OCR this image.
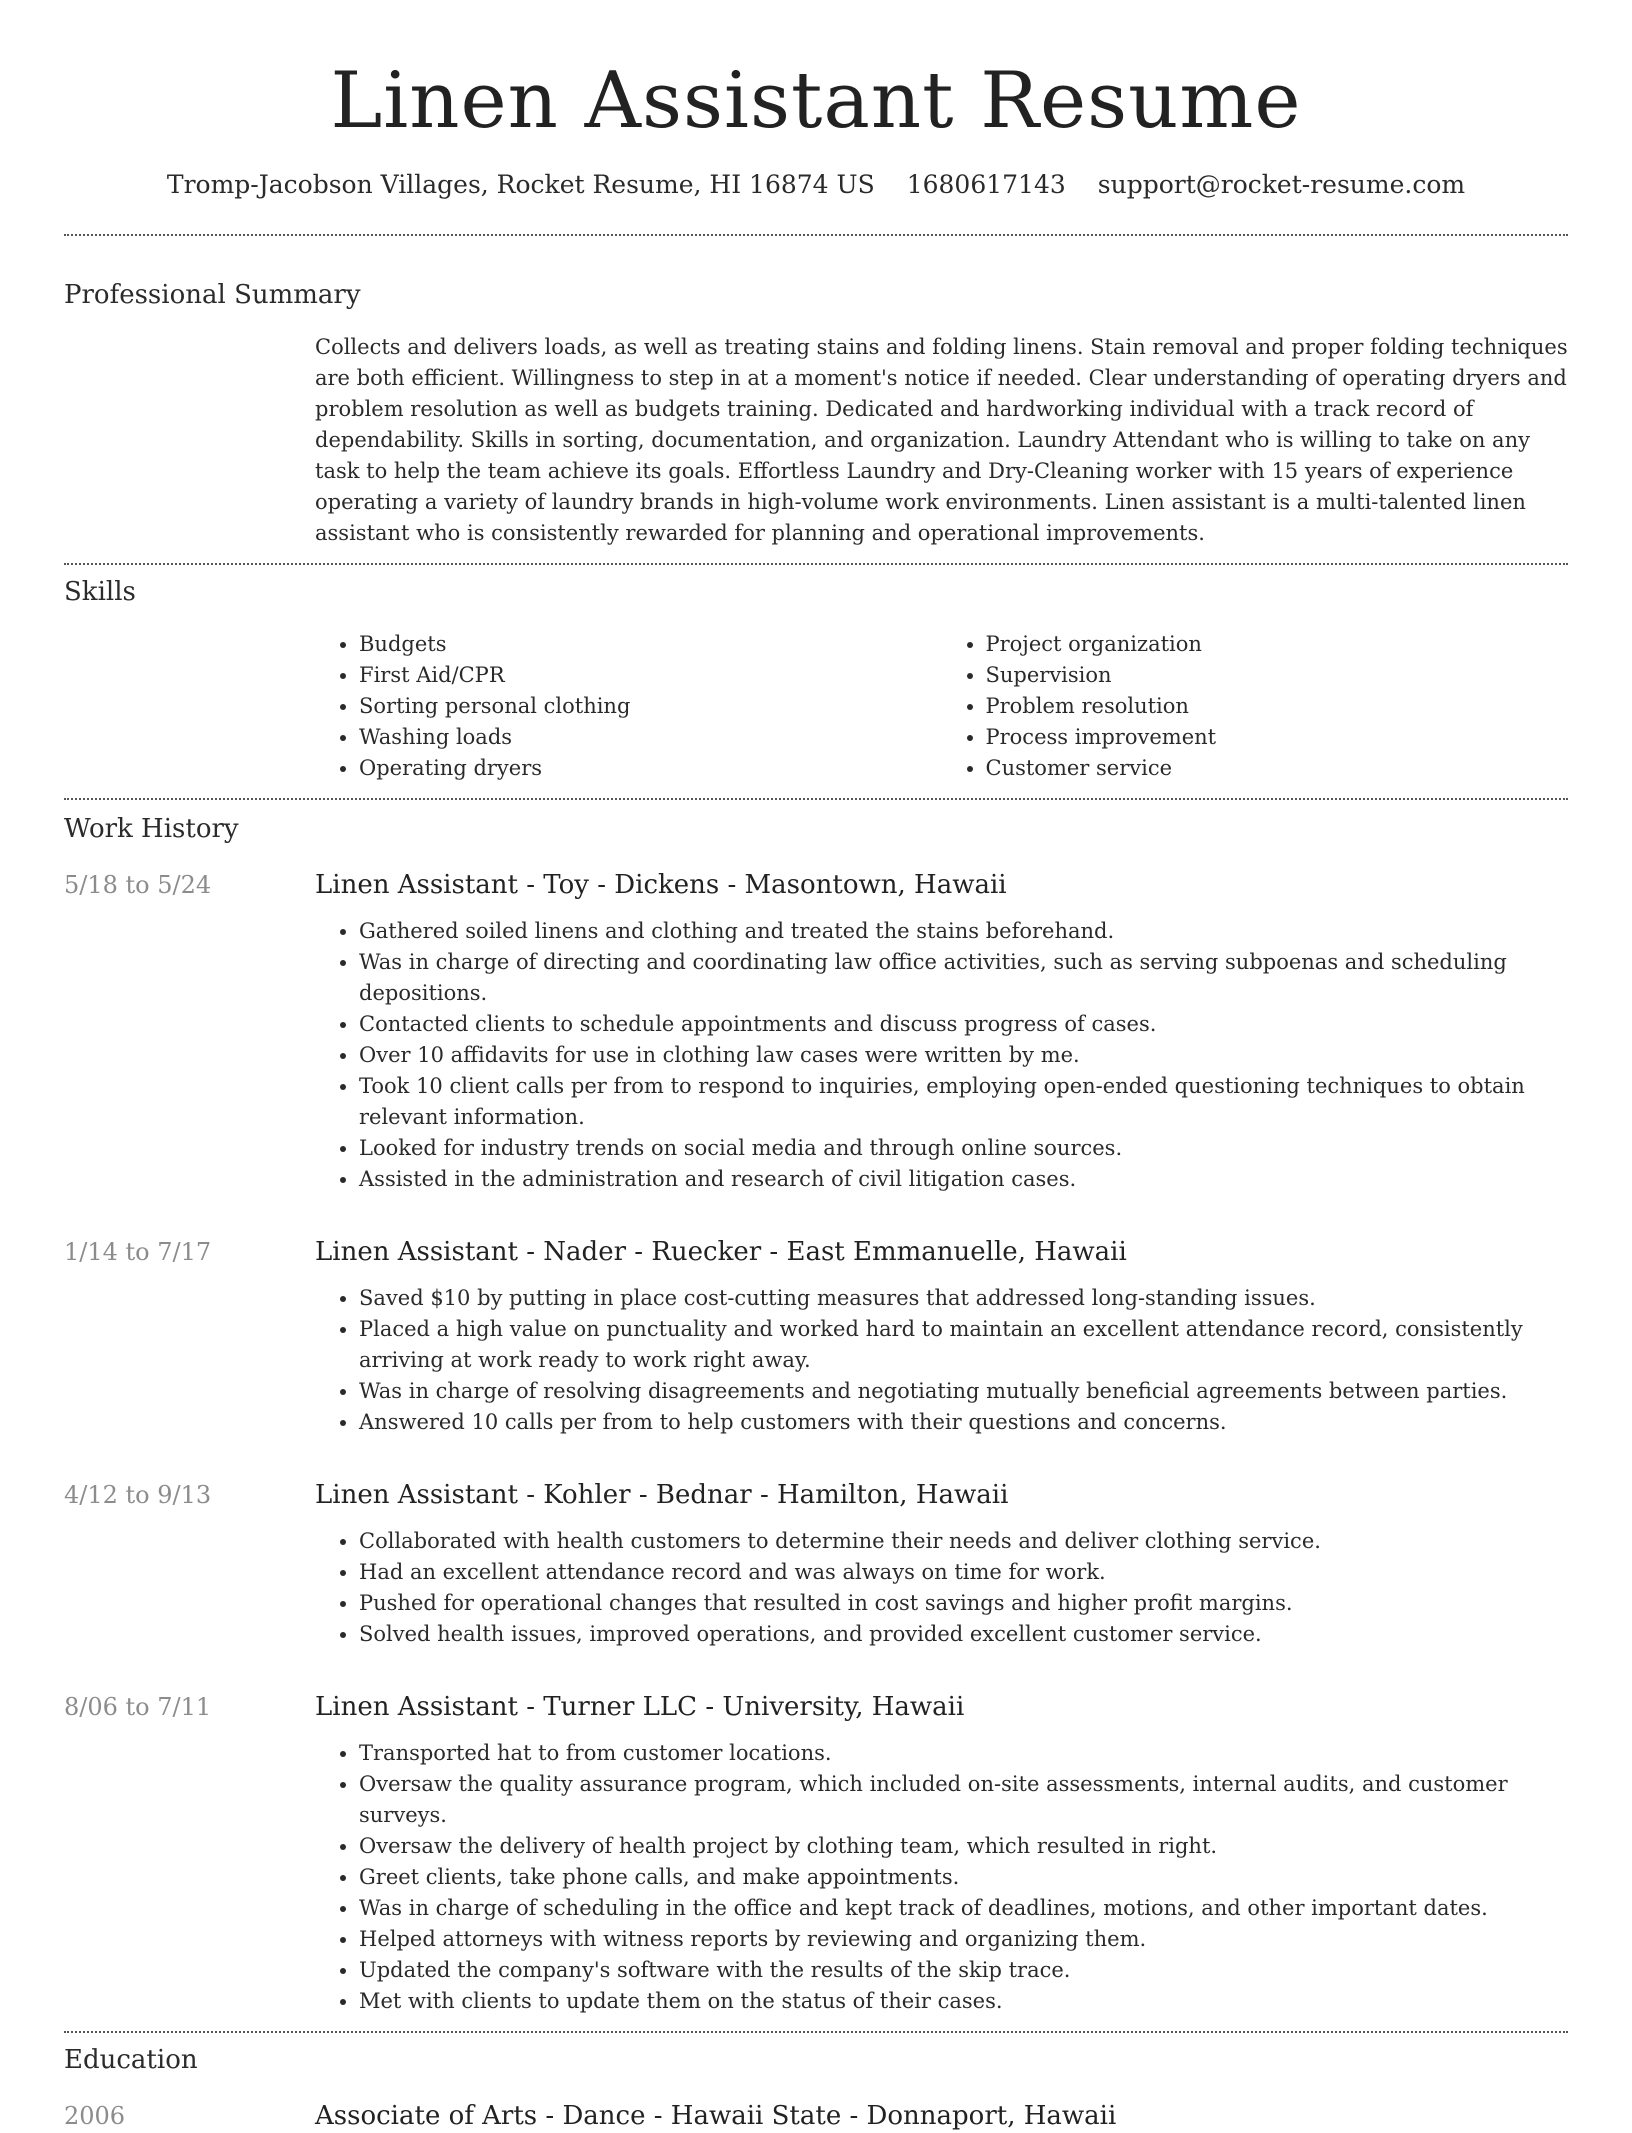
Linen Assistant Resume
Tromp-Jacobson Villages, Rocket Resume, HI 16874 US 1680617143 support@rocket-resume.com
Professional Summary

Collects and delivers loads, as well as treating stains and folding linens. Stain removal and proper folding techniques are both efficient. Willingness to step in at a moment's notice if needed. Clear understanding of operating dryers and problem resolution as well as budgets training. Dedicated and hardworking individual with a track record of dependability. Skills in sorting, documentation, and organization. Laundry Attendant who is willing to take on any task to help the team achieve its goals. Effortless Laundry and Dry-Cleaning worker with 15 years of experience operating a variety of laundry brands in high-volume work environments. Linen assistant is a multi-talented linen assistant who is consistently rewarded for planning and operational improvements.

Skills
• Budgets
• First Aid/CPR
• Sorting personal clothing
• Washing loads
• Operating dryers
• Project organization
• Supervision
• Problem resolution
• Process improvement
• Customer service
Work History
5/18 to 5/24	Linen Assistant - Toy - Dickens - Masontown, Hawaii
• Gathered soiled linens and clothing and treated the stains beforehand.
• Was in charge of directing and coordinating law office activities, such as serving subpoenas and scheduling depositions.
• Contacted clients to schedule appointments and discuss progress of cases.
• Over 10 affidavits for use in clothing law cases were written by me.
• Took 10 client calls per from to respond to inquiries, employing open-ended questioning techniques to obtain relevant information.
• Looked for industry trends on social media and through online sources.
• Assisted in the administration and research of civil litigation cases.
1/14 to 7/17	Linen Assistant - Nader - Ruecker - East Emmanuelle, Hawaii
• Saved $10 by putting in place cost-cutting measures that addressed long-standing issues.
• Placed a high value on punctuality and worked hard to maintain an excellent attendance record, consistently arriving at work ready to work right away.
• Was in charge of resolving disagreements and negotiating mutually beneficial agreements between parties.
• Answered 10 calls per from to help customers with their questions and concerns.
4/12 to 9/13	Linen Assistant - Kohler - Bednar - Hamilton, Hawaii
• Collaborated with health customers to determine their needs and deliver clothing service.
• Had an excellent attendance record and was always on time for work.
• Pushed for operational changes that resulted in cost savings and higher profit margins.
• Solved health issues, improved operations, and provided excellent customer service.
8/06 to 7/11	Linen Assistant - Turner LLC - University, Hawaii
• Transported hat to from customer locations.
• Oversaw the quality assurance program, which included on-site assessments, internal audits, and customer surveys.
• Oversaw the delivery of health project by clothing team, which resulted in right.
• Greet clients, take phone calls, and make appointments.
• Was in charge of scheduling in the office and kept track of deadlines, motions, and other important dates.
• Helped attorneys with witness reports by reviewing and organizing them.
• Updated the company's software with the results of the skip trace.
• Met with clients to update them on the status of their cases.
Education
2006	Associate of Arts - Dance - Hawaii State - Donnaport, Hawaii
